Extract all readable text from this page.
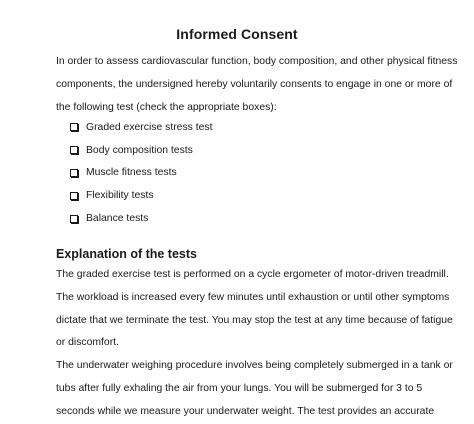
Informed Consent
In order to assess cardiovascular function, body composition, and other physical fitness
components, the undersigned hereby voluntarily consents to engage in one or more of
the following test (check the appropriate boxes):
Graded exercise stress test
Body composition tests
Muscle fitness tests
Flexibility tests
Balance tests
Explanation of the tests
The graded exercise test is performed on a cycle ergometer of motor-driven treadmill.
The workload is increased every few minutes until exhaustion or until other symptoms
dictate that we terminate the test. You may stop the test at any time because of fatigue
or discomfort.
The underwater weighing procedure involves being completely submerged in a tank or
tubs after fully exhaling the air from your lungs. You will be submerged for 3 to 5
seconds while we measure your underwater weight. The test provides an accurate
